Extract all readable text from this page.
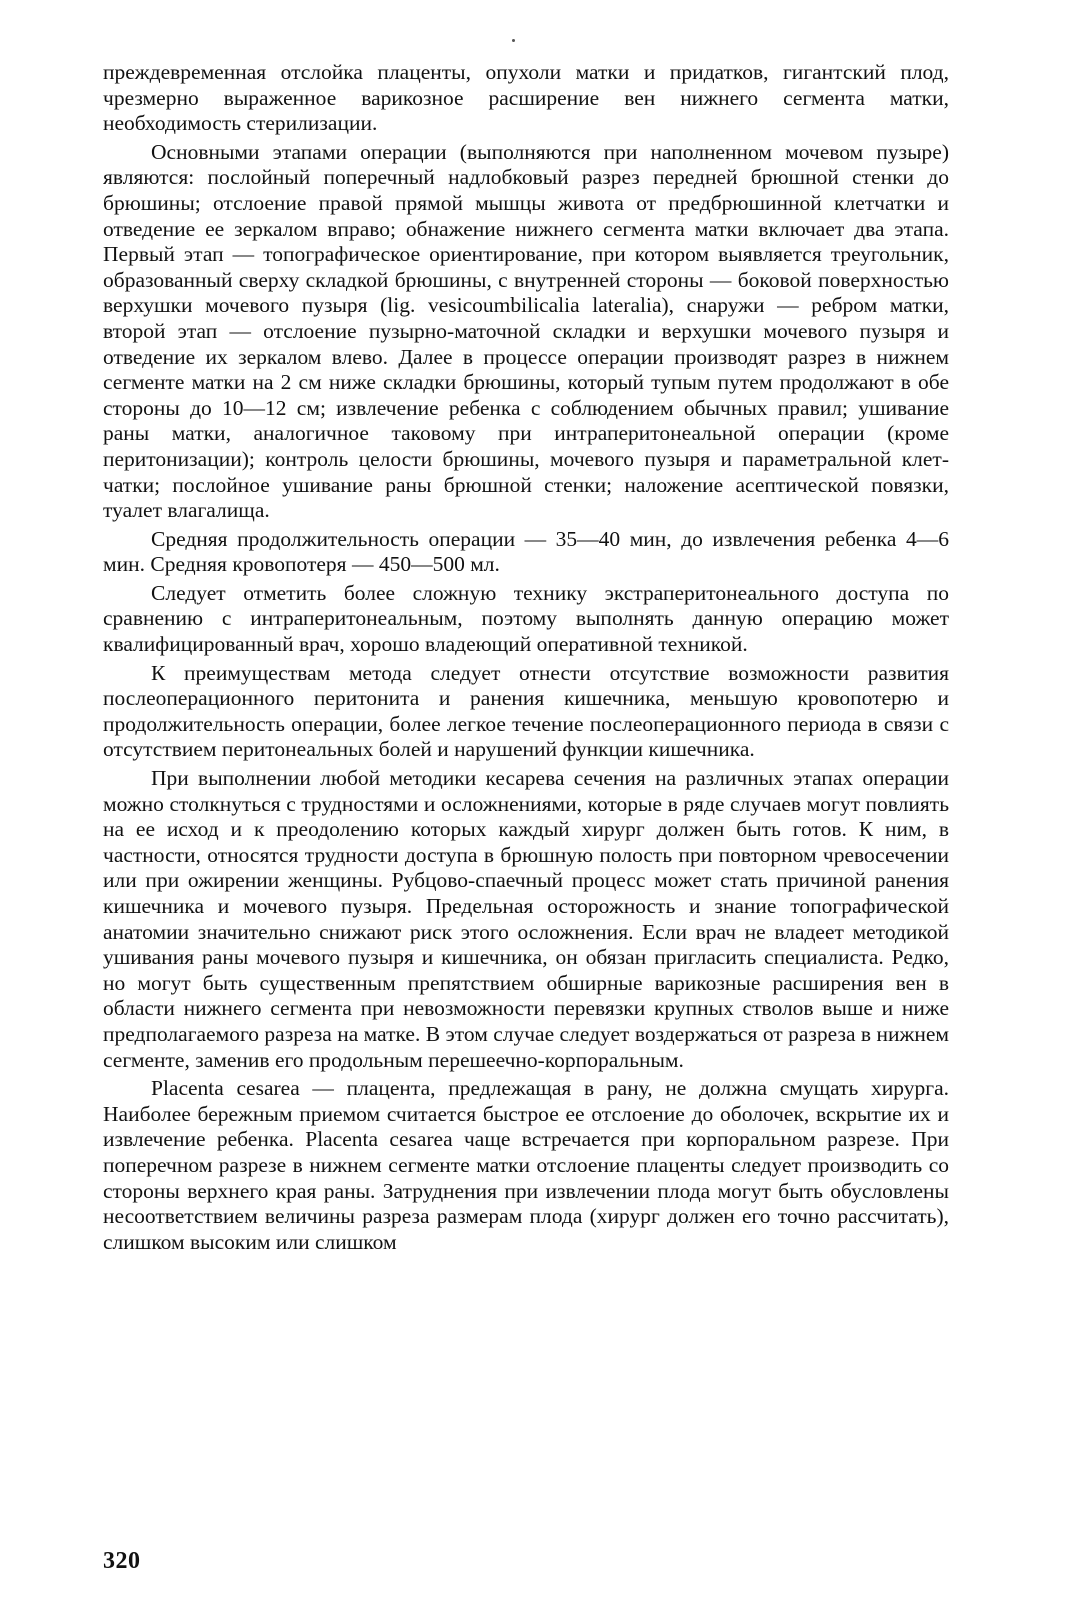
преждевременная отслойка плаценты, опухоли матки и придатков, гигантский плод, чрезмерно выраженное варикозное расширение вен нижнего сегмента матки, необходимость стерилизации.

Основными этапами операции (выполняются при наполненном мочевом пузыре) являются: послойный поперечный надлобковый разрез передней брюшной стенки до брюшины; отслоение правой прямой мышцы живота от предбрюшинной клетчатки и отведение ее зеркалом вправо; обнажение нижнего сегмента матки включает два этапа. Первый этап — топографическое ориентирование, при котором выявляется треугольник, образованный сверху складкой брюшины, с внутренней стороны — боковой поверхностью верхушки мочевого пузыря (lig. vesicoumbilicalia lateralia), снаружи — ребром матки, второй этап — отслоение пузырно-маточной складки и верхушки мочевого пузыря и отведение их зеркалом влево. Далее в процессе операции производят разрез в нижнем сегменте матки на 2 см ниже складки брюшины, который тупым путем продолжают в обе стороны до 10—12 см; извлечение ребенка с соблюдением обычных правил; ушивание раны матки, аналогичное таковому при интраперитонеальной операции (кроме перитонизации); контроль целости брюшины, мочевого пузыря и параметральной клетчатки; послойное ушивание раны брюшной стенки; наложение асептической повязки, туалет влагалища.

Средняя продолжительность операции — 35—40 мин, до извлечения ребенка 4—6 мин. Средняя кровопотеря — 450—500 мл.

Следует отметить более сложную технику экстраперитонеального доступа по сравнению с интраперитонеальным, поэтому выполнять данную операцию может квалифицированный врач, хорошо владеющий оперативной техникой.

К преимуществам метода следует отнести отсутствие возможности развития послеоперационного перитонита и ранения кишечника, меньшую кровопотерю и продолжительность операции, более легкое течение послеоперационного периода в связи с отсутствием перитонеальных болей и нарушений функции кишечника.

При выполнении любой методики кесарева сечения на различных этапах операции можно столкнуться с трудностями и осложнениями, которые в ряде случаев могут повлиять на ее исход и к преодолению которых каждый хирург должен быть готов. К ним, в частности, относятся трудности доступа в брюшную полость при повторном чревосечении или при ожирении женщины. Рубцово-спаечный процесс может стать причиной ранения кишечника и мочевого пузыря. Предельная осторожность и знание топографической анатомии значительно снижают риск этого осложнения. Если врач не владеет методикой ушивания раны мочевого пузыря и кишечника, он обязан пригласить специалиста. Редко, но могут быть существенным препятствием обширные варикозные расширения вен в области нижнего сегмента при невозможности перевязки крупных стволов выше и ниже предполагаемого разреза на матке. В этом случае следует воздержаться от разреза в нижнем сегменте, заменив его продольным перешеечно-корпоральным.

Placenta cesarea — плацента, предлежащая в рану, не должна смущать хирурга. Наиболее бережным приемом считается быстрое ее отслоение до оболочек, вскрытие их и извлечение ребенка. Placenta cesarea чаще встречается при корпоральном разрезе. При поперечном разрезе в нижнем сегменте матки отслоение плаценты следует производить со стороны верхнего края раны. Затруднения при извлечении плода могут быть обусловлены несоответствием величины разреза размерам плода (хирург должен его точно рассчитать), слишком высоким или слишком

320
